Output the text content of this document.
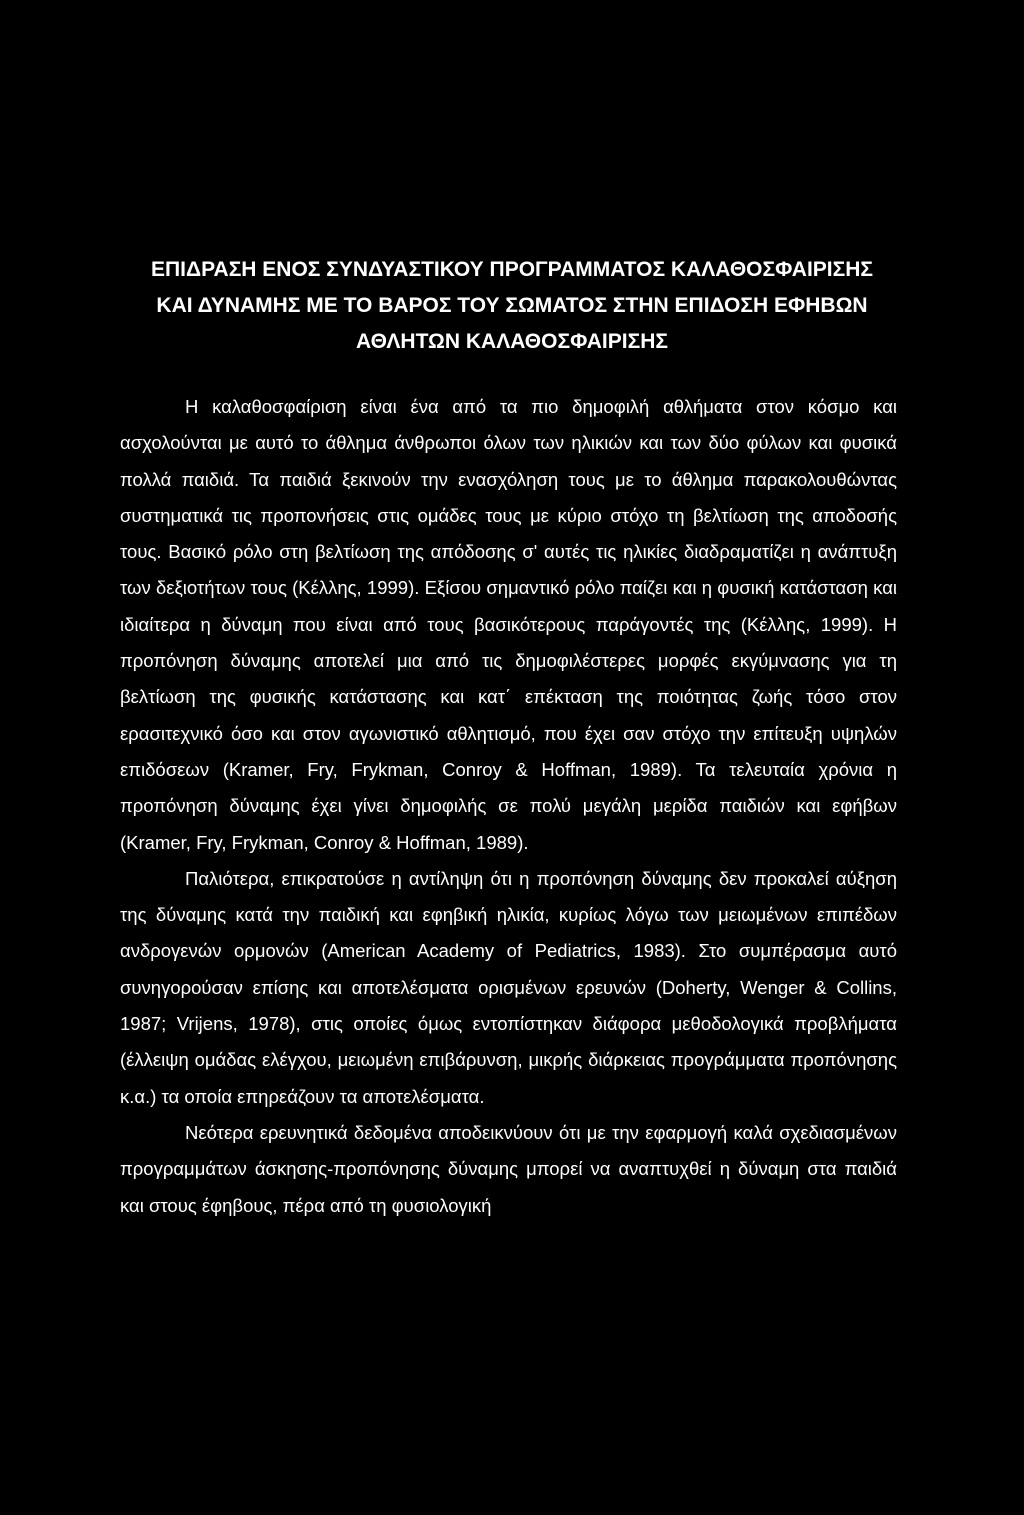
ΕΠΙΔΡΑΣΗ ΕΝΟΣ ΣΥΝΔΥΑΣΤΙΚΟΥ ΠΡΟΓΡΑΜΜΑΤΟΣ ΚΑΛΑΘΟΣΦΑΙΡΙΣΗΣ
ΚΑΙ ΔΥΝΑΜΗΣ ΜΕ ΤΟ ΒΑΡΟΣ ΤΟΥ ΣΩΜΑΤΟΣ ΣΤΗΝ ΕΠΙΔΟΣΗ ΕΦΗΒΩΝ
ΑΘΛΗΤΩΝ ΚΑΛΑΘΟΣΦΑΙΡΙΣΗΣ

Η καλαθοσφαίριση είναι ένα από τα πιο δημοφιλή αθλήματα στον κόσμο και ασχολούνται με αυτό το άθλημα άνθρωποι όλων των ηλικιών και των δύο φύλων και φυσικά πολλά παιδιά. Τα παιδιά ξεκινούν την ενασχόληση τους με το άθλημα παρακολουθώντας συστηματικά τις προπονήσεις στις ομάδες τους με κύριο στόχο τη βελτίωση της αποδοσής τους. Βασικό ρόλο στη βελτίωση της απόδοσης σ' αυτές τις ηλικίες διαδραματίζει η ανάπτυξη των δεξιοτήτων τους (Κέλλης, 1999). Εξίσου σημαντικό ρόλο παίζει και η φυσική κατάσταση και ιδιαίτερα η δύναμη που είναι από τους βασικότερους παράγοντές της (Κέλλης, 1999). Η προπόνηση δύναμης αποτελεί μια από τις δημοφιλέστερες μορφές εκγύμνασης για τη βελτίωση της φυσικής κατάστασης και κατ΄ επέκταση της ποιότητας ζωής τόσο στον ερασιτεχνικό όσο και στον αγωνιστικό αθλητισμό, που έχει σαν στόχο την επίτευξη υψηλών επιδόσεων (Kramer, Fry, Frykman, Conroy & Hoffman, 1989). Τα τελευταία χρόνια η προπόνηση δύναμης έχει γίνει δημοφιλής σε πολύ μεγάλη μερίδα παιδιών και εφήβων (Kramer, Fry, Frykman, Conroy & Hoffman, 1989).

Παλιότερα, επικρατούσε η αντίληψη ότι η προπόνηση δύναμης δεν προκαλεί αύξηση της δύναμης κατά την παιδική και εφηβική ηλικία, κυρίως λόγω των μειωμένων επιπέδων ανδρογενών ορμονών (American Academy of Pediatrics, 1983). Στο συμπέρασμα αυτό συνηγορούσαν επίσης και αποτελέσματα ορισμένων ερευνών (Doherty, Wenger & Collins, 1987; Vrijens, 1978), στις οποίες όμως εντοπίστηκαν διάφορα μεθοδολογικά προβλήματα (έλλειψη ομάδας ελέγχου, μειωμένη επιβάρυνση, μικρής διάρκειας προγράμματα προπόνησης κ.α.) τα οποία επηρεάζουν τα αποτελέσματα.

Νεότερα ερευνητικά δεδομένα αποδεικνύουν ότι με την εφαρμογή καλά σχεδιασμένων προγραμμάτων άσκησης-προπόνησης δύναμης μπορεί να αναπτυχθεί η δύναμη στα παιδιά και στους έφηβους, πέρα από τη φυσιολογική
